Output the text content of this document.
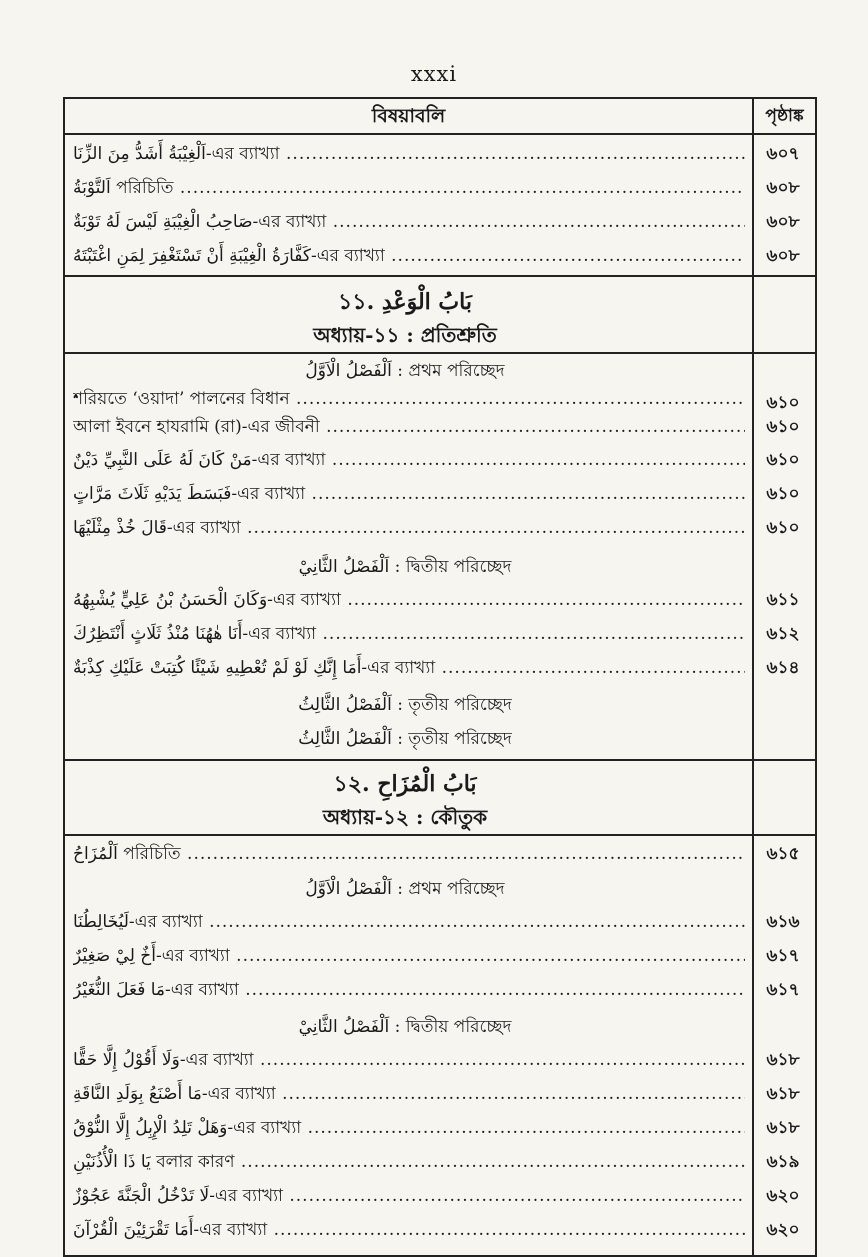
xxxi
বিষয়াবলি	পৃষ্ঠাঙ্ক
اَلْغِيْبَةُ أَشَدُّ مِنَ الزِّنَا-এর ব্যাখ্যা .....	৬০৭
اَلتَّوْبَةُ পরিচিতি .....	৬০৮
صَاحِبُ الْغِيْبَةِ لَيْسَ لَهُ تَوْبَةٌ-এর ব্যাখ্যা .....	৬০৮
كَفَّارَةُ الْغِيْبَةِ أَنْ تَسْتَغْفِرَ لِمَنِ اغْتَبْتَهُ-এর ব্যাখ্যা .....	৬০৮
১১. بَابُ الْوَعْدِ
অধ্যায়-১১ : প্রতিশ্রুতি
اَلْفَصْلُ الْاَوَّلُ : প্রথম পরিচ্ছেদ
শরিয়তে ‘ওয়াদা’ পালনের বিধান .....	৬১০
আলা ইবনে হাযরামি (রা)-এর জীবনী .....	৬১০
مَنْ كَانَ لَهُ عَلَى النَّبِيِّ دَيْنٌ-এর ব্যাখ্যা .....	৬১০
فَبَسَطَ يَدَيْهِ ثَلَاثَ مَرَّاتٍ-এর ব্যাখ্যা .....	৬১০
قَالَ خُذْ مِثْلَيْهَا-এর ব্যাখ্যা .....	৬১০
اَلْفَصْلُ الثَّانِيْ : দ্বিতীয় পরিচ্ছেদ
وَكَانَ الْحَسَنُ بْنُ عَلِيٍّ يُشْبِهُهُ-এর ব্যাখ্যা .....	৬১১
أَنَا هٰهُنَا مُنْذُ ثَلَاثٍ أَنْتَظِرُكَ-এর ব্যাখ্যা .....	৬১২
أَمَا إِنَّكِ لَوْ لَمْ تُعْطِيهِ شَيْئًا كُتِبَتْ عَلَيْكِ كِذْبَةٌ-এর ব্যাখ্যা .....	৬১৪
اَلْفَصْلُ الثَّالِثُ : তৃতীয় পরিচ্ছেদ
اَلْفَصْلُ الثَّالِثُ : তৃতীয় পরিচ্ছেদ
১২. بَابُ الْمُزَاحِ
অধ্যায়-১২ : কৌতুক
اَلْمُزَاحُ পরিচিতি .....	৬১৫
اَلْفَصْلُ الْاَوَّلُ : প্রথম পরিচ্ছেদ
لَيُخَالِطُنَا-এর ব্যাখ্যা .....	৬১৬
أَخٌ لِيْ صَغِيْرٌ-এর ব্যাখ্যা .....	৬১৭
مَا فَعَلَ النُّغَيْرُ-এর ব্যাখ্যা .....	৬১৭
اَلْفَصْلُ الثَّانِيْ : দ্বিতীয় পরিচ্ছেদ
وَلَا أَقُوْلُ إِلَّا حَقًّا-এর ব্যাখ্যা .....	৬১৮
مَا أَصْنَعُ بِوَلَدِ النَّاقَةِ-এর ব্যাখ্যা .....	৬১৮
وَهَلْ تَلِدُ الْإِبِلُ إِلَّا النُّوْقُ-এর ব্যাখ্যা .....	৬১৮
يَا ذَا الْأُذُنَيْنِ বলার কারণ .....	৬১৯
لَا تَدْخُلُ الْجَنَّةَ عَجُوْزٌ-এর ব্যাখ্যা .....	৬২০
أَمَا تَقْرَئِيْنَ الْقُرْآنَ-এর ব্যাখ্যা .....	৬২০
